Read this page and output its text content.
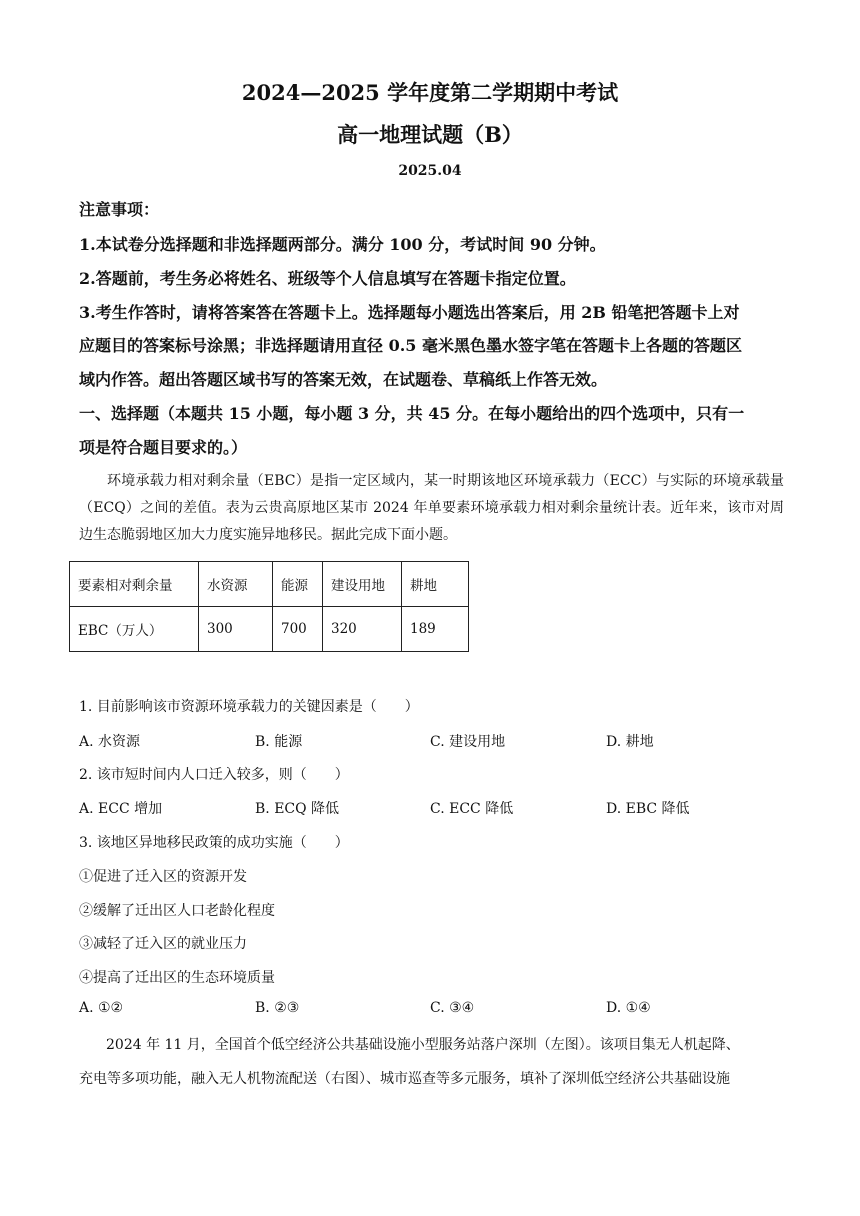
2024—2025 学年度第二学期期中考试
高一地理试题（B）
2025.04
注意事项：
1.本试卷分选择题和非选择题两部分。满分 100 分，考试时间 90 分钟。
2.答题前，考生务必将姓名、班级等个人信息填写在答题卡指定位置。
3.考生作答时，请将答案答在答题卡上。选择题每小题选出答案后，用 2B 铅笔把答题卡上对
应题目的答案标号涂黑；非选择题请用直径 0.5 毫米黑色墨水签字笔在答题卡上各题的答题区
域内作答。超出答题区域书写的答案无效，在试题卷、草稿纸上作答无效。
一、选择题（本题共 15 小题，每小题 3 分，共 45 分。在每小题给出的四个选项中，只有一
项是符合题目要求的。）
环境承载力相对剩余量（EBC）是指一定区域内，某一时期该地区环境承载力（ECC）与实际的环境承载量（ECQ）之间的差值。表为云贵高原地区某市 2024 年单要素环境承载力相对剩余量统计表。近年来，该市对周边生态脆弱地区加大力度实施异地移民。据此完成下面小题。
要素相对剩余量	水资源	能源	建设用地	耕地
EBC（万人）	300	700	320	189
1. 目前影响该市资源环境承载力的关键因素是（　　）
A. 水资源	B. 能源	C. 建设用地	D. 耕地
2. 该市短时间内人口迁入较多，则（　　）
A. ECC 增加	B. ECQ 降低	C. ECC 降低	D. EBC 降低
3. 该地区异地移民政策的成功实施（　　）
①促进了迁入区的资源开发
②缓解了迁出区人口老龄化程度
③减轻了迁入区的就业压力
④提高了迁出区的生态环境质量
A. ①②	B. ②③	C. ③④	D. ①④
2024 年 11 月，全国首个低空经济公共基础设施小型服务站落户深圳（左图）。该项目集无人机起降、
充电等多项功能，融入无人机物流配送（右图）、城市巡查等多元服务，填补了深圳低空经济公共基础设施
